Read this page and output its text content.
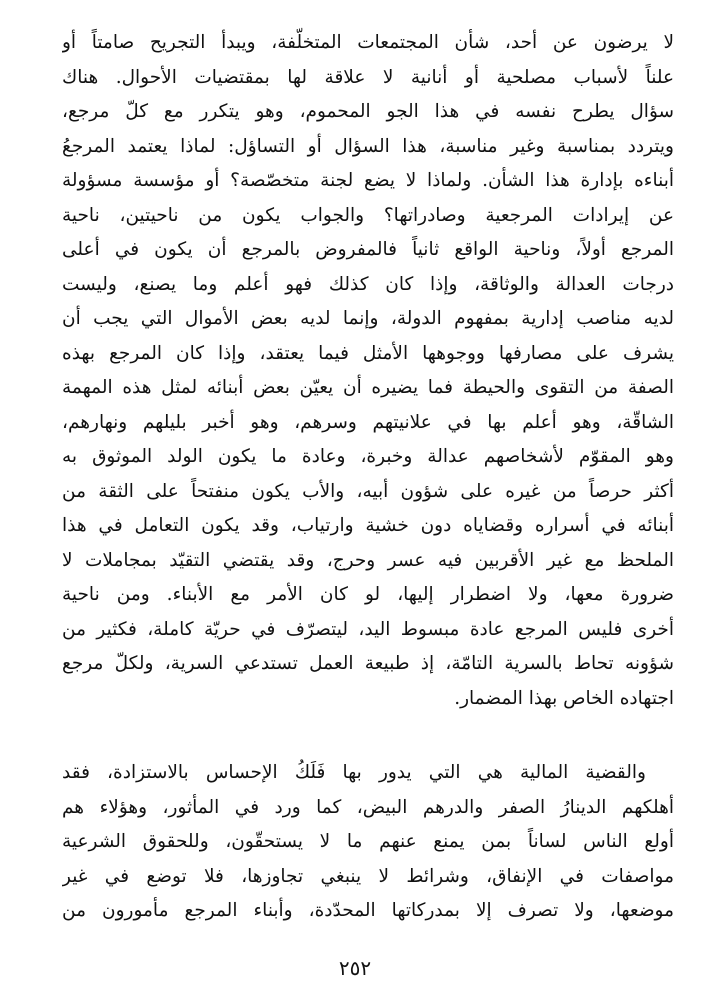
لا يرضون عن أحد، شأن المجتمعات المتخلّفة، ويبدأ التجريح صامتاً أو
علناً لأسباب مصلحية أو أنانية لا علاقة لها بمقتضيات الأحوال. هناك
سؤال يطرح نفسه في هذا الجو المحموم، وهو يتكرر مع كلّ مرجع،
ويتردد بمناسبة وغير مناسبة، هذا السؤال أو التساؤل: لماذا يعتمد المرجعُ
أبناءه بإدارة هذا الشأن. ولماذا لا يضع لجنة متخصّصة؟ أو مؤسسة مسؤولة
عن إيرادات المرجعية وصادراتها؟ والجواب يكون من ناحيتين، ناحية
المرجع أولاً، وناحية الواقع ثانياً فالمفروض بالمرجع أن يكون في أعلى
درجات العدالة والوثاقة، وإذا كان كذلك فهو أعلم وما يصنع، وليست
لديه مناصب إدارية بمفهوم الدولة، وإنما لديه بعض الأموال التي يجب أن
يشرف على مصارفها ووجوهها الأمثل فيما يعتقد، وإذا كان المرجع بهذه
الصفة من التقوى والحيطة فما يضيره أن يعيّن بعض أبنائه لمثل هذه المهمة
الشاقّة، وهو أعلم بها في علانيتهم وسرهم، وهو أخبر بليلهم ونهارهم،
وهو المقوّم لأشخاصهم عدالة وخبرة، وعادة ما يكون الولد الموثوق به
أكثر حرصاً من غيره على شؤون أبيه، والأب يكون منفتحاً على الثقة من
أبنائه في أسراره وقضاياه دون خشية وارتياب، وقد يكون التعامل في هذا
الملحظ مع غير الأقربين فيه عسر وحرج، وقد يقتضي التقيّد بمجاملات لا
ضرورة معها، ولا اضطرار إليها، لو كان الأمر مع الأبناء. ومن ناحية
أخرى فليس المرجع عادة مبسوط اليد، ليتصرّف في حريّة كاملة، فكثير من
شؤونه تحاط بالسرية التامّة، إذ طبيعة العمل تستدعي السرية، ولكلّ مرجع
اجتهاده الخاص بهذا المضمار.
والقضية المالية هي التي يدور بها فَلَكُ الإحساس بالاستزادة، فقد
أهلكهم الدينارُ الصفر والدرهم البيض، كما ورد في المأثور، وهؤلاء هم
أولع الناس لساناً بمن يمنع عنهم ما لا يستحقّون، وللحقوق الشرعية
مواصفات في الإنفاق، وشرائط لا ينبغي تجاوزها، فلا توضع في غير
موضعها، ولا تصرف إلا بمدركاتها المحدّدة، وأبناء المرجع مأمورون من
٢٥٢
